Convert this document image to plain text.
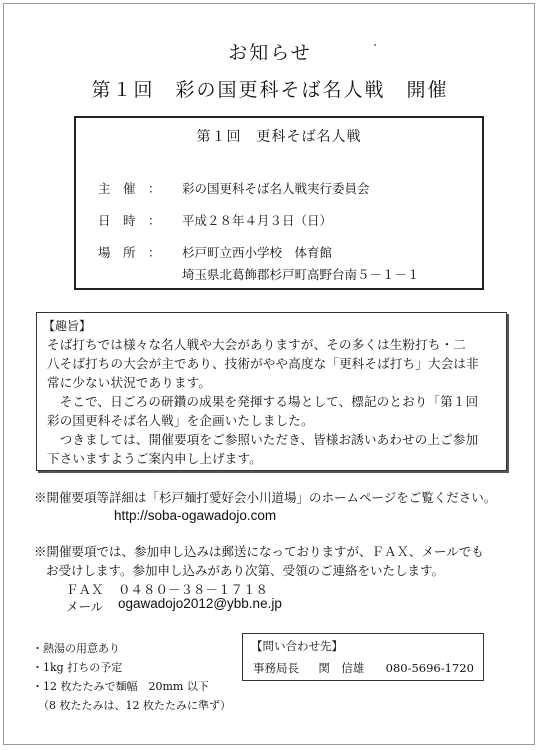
お知らせ
第１回　彩の国更科そば名人戦　開催
第１回　更科そば名人戦
主　催　： 彩の国更科そば名人戦実行委員会
日　時　： 平成２８年４月３日（日）
場　所　： 杉戸町立西小学校　体育館
埼玉県北葛飾郡杉戸町高野台南５－１－１
【趣旨】
そば打ちでは様々な名人戦や大会がありますが、その多くは生粉打ち・二
八そば打ちの大会が主であり、技術がやや高度な「更科そば打ち」大会は非
常に少ない状況であります。
　そこで、日ごろの研鑽の成果を発揮する場として、標記のとおり「第１回
彩の国更科そば名人戦」を企画いたしました。
　つきましては、開催要項をご参照いただき、皆様お誘いあわせの上ご参加
下さいますようご案内申し上げます。
※開催要項等詳細は「杉戸麺打愛好会小川道場」のホームページをご覧ください。
http://soba-ogawadojo.com
※開催要項では、参加申し込みは郵送になっておりますが、ＦＡＸ、メールでも
お受けします。参加申し込みがあり次第、受領のご連絡をいたします。
ＦＡＸ ０４８０－３８－１７１８
メール ogawadojo2012@ybb.ne.jp
・熱湯の用意あり
・1kg 打ちの予定
・12 枚たたみで麺幅　20mm 以下
（8 枚たたみは、12 枚たたみに準ず）
【問い合わせ先】
事務局長 関　信雄 080-5696-1720
